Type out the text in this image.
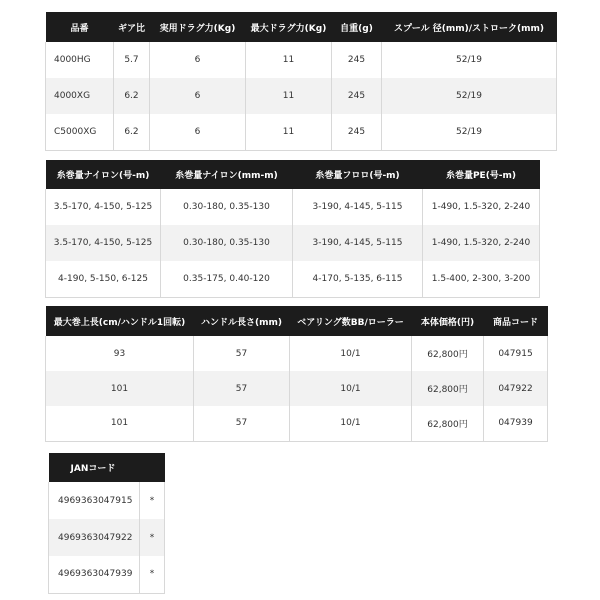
品番	ギア比	実用ドラグ力(Kg)	最大ドラグ力(Kg)	自重(g)	スプール 径(mm)/ストローク(mm)
4000HG	5.7	6	11	245	52/19
4000XG	6.2	6	11	245	52/19
C5000XG	6.2	6	11	245	52/19
糸巻量ナイロン(号-m)	糸巻量ナイロン(mm-m)	糸巻量フロロ(号-m)	糸巻量PE(号-m)
3.5-170, 4-150, 5-125	0.30-180, 0.35-130	3-190, 4-145, 5-115	1-490, 1.5-320, 2-240
3.5-170, 4-150, 5-125	0.30-180, 0.35-130	3-190, 4-145, 5-115	1-490, 1.5-320, 2-240
4-190, 5-150, 6-125	0.35-175, 0.40-120	4-170, 5-135, 6-115	1.5-400, 2-300, 3-200
最大巻上長(cm/ハンドル1回転)	ハンドル長さ(mm)	ベアリング数BB/ローラー	本体価格(円)	商品コード
93	57	10/1	62,800円	047915
101	57	10/1	62,800円	047922
101	57	10/1	62,800円	047939
JANコード	
4969363047915	*
4969363047922	*
4969363047939	*
